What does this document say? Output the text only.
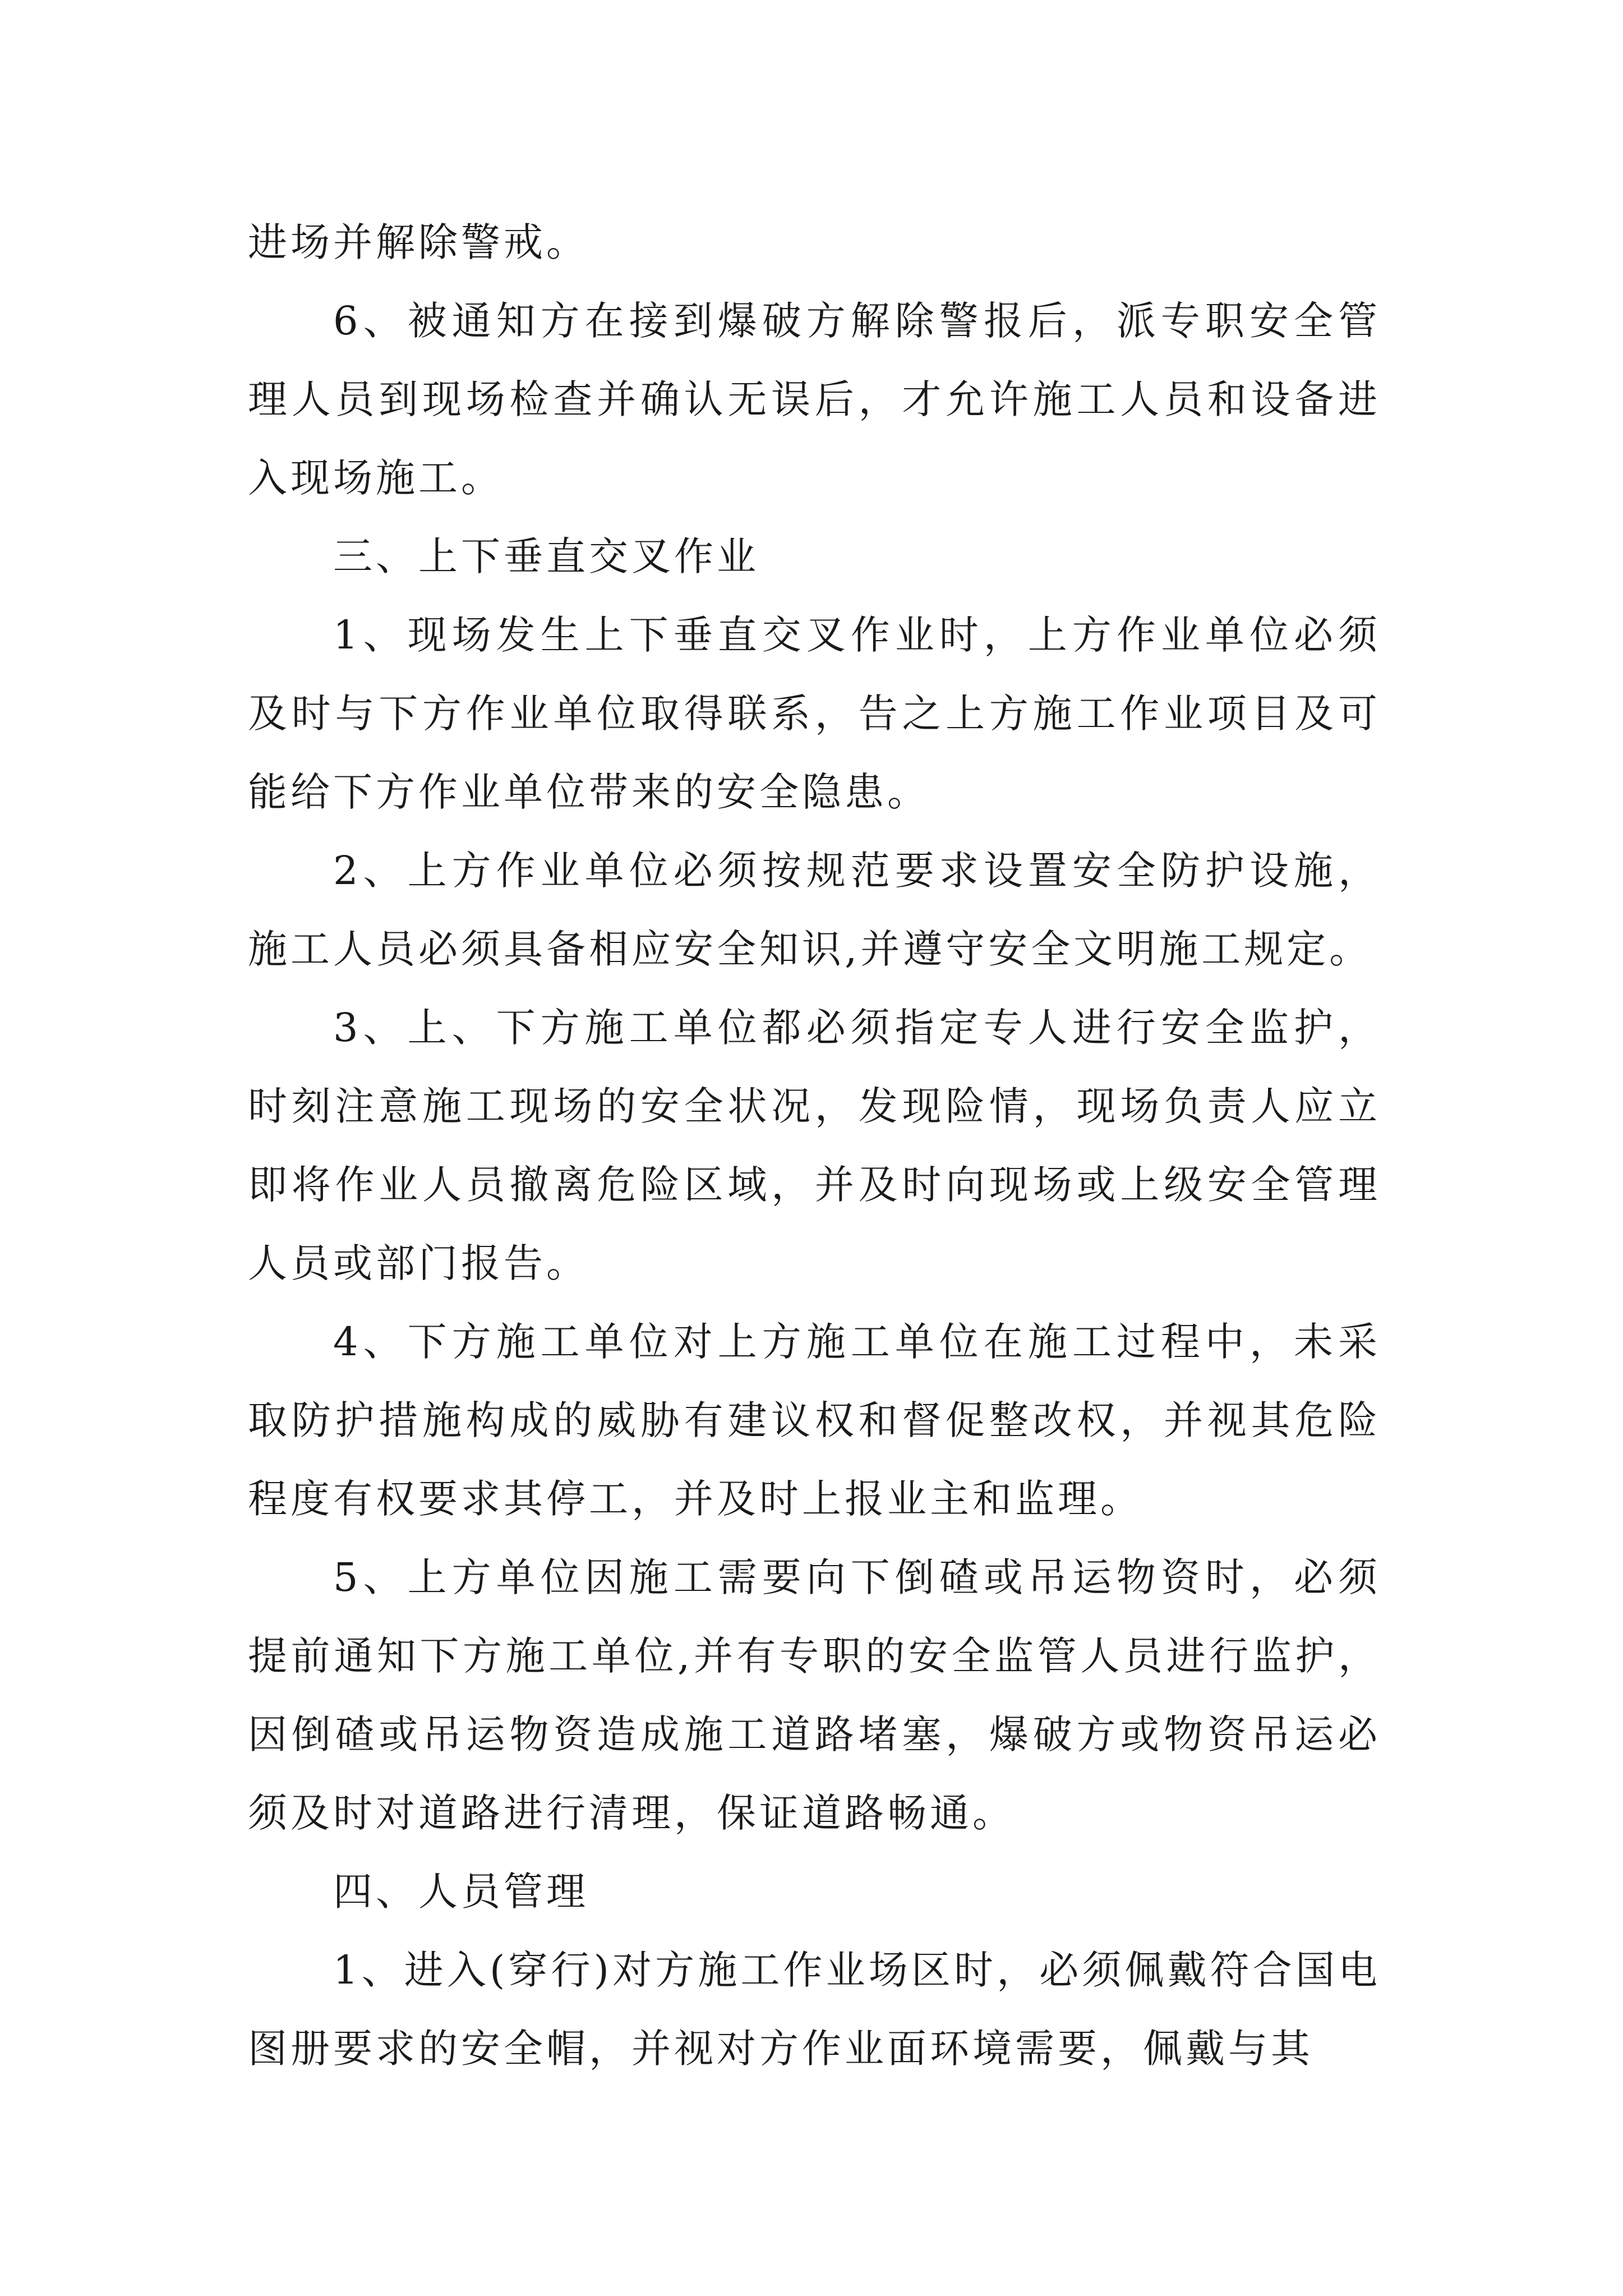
进场并解除警戒。

6、被通知方在接到爆破方解除警报后，派专职安全管理人员到现场检查并确认无误后，才允许施工人员和设备进入现场施工。

三、上下垂直交叉作业

1、现场发生上下垂直交叉作业时，上方作业单位必须及时与下方作业单位取得联系，告之上方施工作业项目及可能给下方作业单位带来的安全隐患。

2、上方作业单位必须按规范要求设置安全防护设施，施工人员必须具备相应安全知识,并遵守安全文明施工规定。

3、上、下方施工单位都必须指定专人进行安全监护，时刻注意施工现场的安全状况，发现险情，现场负责人应立即将作业人员撤离危险区域，并及时向现场或上级安全管理人员或部门报告。

4、下方施工单位对上方施工单位在施工过程中，未采取防护措施构成的威胁有建议权和督促整改权，并视其危险程度有权要求其停工，并及时上报业主和监理。

5、上方单位因施工需要向下倒碴或吊运物资时，必须提前通知下方施工单位,并有专职的安全监管人员进行监护，因倒碴或吊运物资造成施工道路堵塞，爆破方或物资吊运必须及时对道路进行清理，保证道路畅通。

四、人员管理

1、进入(穿行)对方施工作业场区时，必须佩戴符合国电图册要求的安全帽，并视对方作业面环境需要，佩戴与其
